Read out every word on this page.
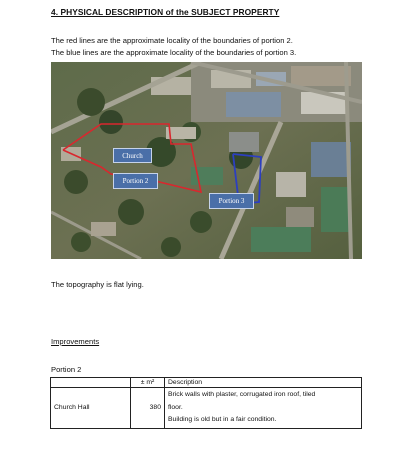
4. PHYSICAL DESCRIPTION of the SUBJECT PROPERTY
The red lines are the approximate locality of the boundaries of portion 2.
The blue lines are the approximate locality of the boundaries of portion 3.
Church
Portion 2
Portion 3
The topography is flat lying.
Improvements
Portion 2
	± m²	Description
Church Hall	380	Brick walls with plaster, corrugated iron roof, tiled
floor.
Building is old but in a fair condition.
